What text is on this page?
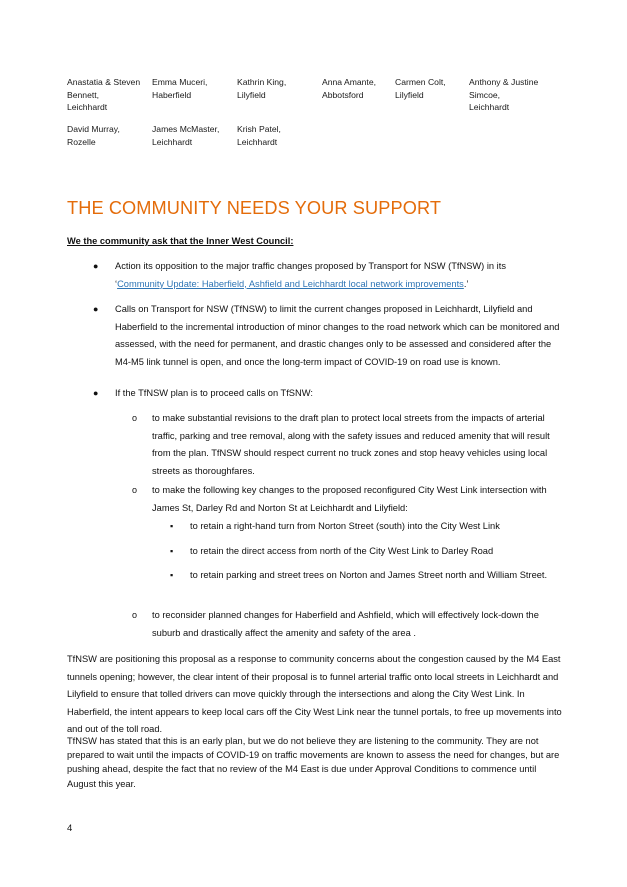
Anastatia & Steven Bennett,
Leichhardt
Emma Muceri,
Haberfield
Kathrin King,
Lilyfield
Anna Amante,
Abbotsford
Carmen Colt,
Lilyfield
Anthony & Justine Simcoe,
Leichhardt
David Murray,
Rozelle
James McMaster,
Leichhardt
Krish Patel,
Leichhardt
THE COMMUNITY NEEDS YOUR SUPPORT
We the community ask that the Inner West Council:
● Action its opposition to the major traffic changes proposed by Transport for NSW (TfNSW) in its ‘Community Update: Haberfield, Ashfield and Leichhardt local network improvements.’
● Calls on Transport for NSW (TfNSW) to limit the current changes proposed in Leichhardt, Lilyfield and Haberfield to the incremental introduction of minor changes to the road network which can be monitored and assessed, with the need for permanent, and drastic changes only to be assessed and considered after the M4-M5 link tunnel is open, and once the long-term impact of COVID-19 on road use is known.
● If the TfNSW plan is to proceed calls on TfSNW:
o to make substantial revisions to the draft plan to protect local streets from the impacts of arterial traffic, parking and tree removal, along with the safety issues and reduced amenity that will result from the plan. TfNSW should respect current no truck zones and stop heavy vehicles using local streets as thoroughfares.
o to make the following key changes to the proposed reconfigured City West Link intersection with James St, Darley Rd and Norton St at Leichhardt and Lilyfield:
▪ to retain a right-hand turn from Norton Street (south) into the City West Link
▪ to retain the direct access from north of the City West Link to Darley Road
▪ to retain parking and street trees on Norton and James Street north and William Street.
o to reconsider planned changes for Haberfield and Ashfield, which will effectively lock-down the suburb and drastically affect the amenity and safety of the area .
TfNSW are positioning this proposal as a response to community concerns about the congestion caused by the M4 East tunnels opening; however, the clear intent of their proposal is to funnel arterial traffic onto local streets in Leichhardt and Lilyfield to ensure that tolled drivers can move quickly through the intersections and along the City West Link. In Haberfield, the intent appears to keep local cars off the City West Link near the tunnel portals, to free up movements into and out of the toll road.
TfNSW has stated that this is an early plan, but we do not believe they are listening to the community. They are not prepared to wait until the impacts of COVID-19 on traffic movements are known to assess the need for changes, but are pushing ahead, despite the fact that no review of the M4 East is due under Approval Conditions to commence until August this year.
4
